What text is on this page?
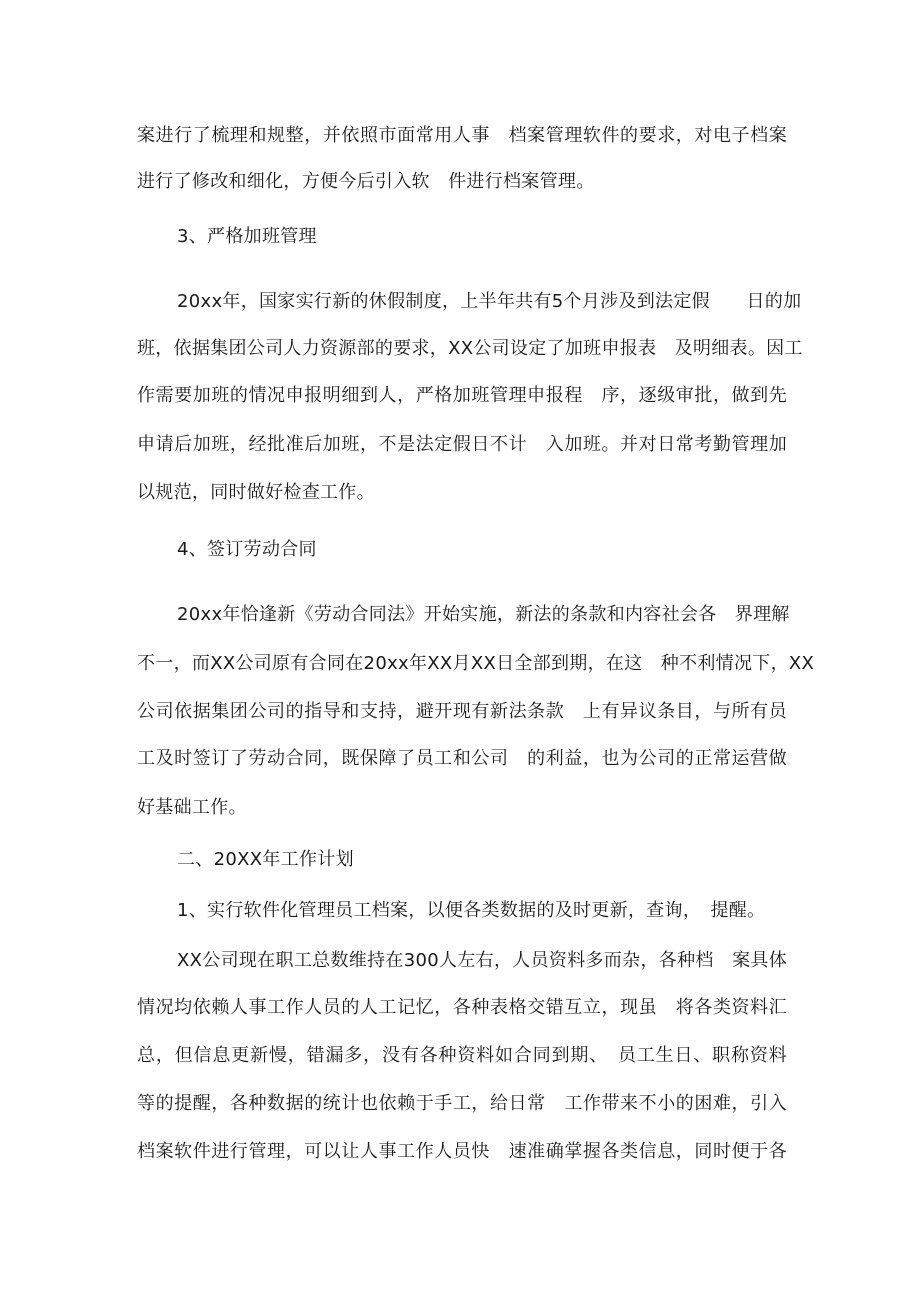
案进行了梳理和规整，并依照市面常用人事　档案管理软件的要求，对电子档案
进行了修改和细化，方便今后引入软　件进行档案管理。
3、严格加班管理
20xx年，国家实行新的休假制度，上半年共有5个月涉及到法定假　　日的加
班，依据集团公司人力资源部的要求，XX公司设定了加班申报表　及明细表。因工
作需要加班的情况申报明细到人，严格加班管理申报程　序，逐级审批，做到先
申请后加班，经批准后加班，不是法定假日不计　入加班。并对日常考勤管理加
以规范，同时做好检查工作。
4、签订劳动合同
20xx年恰逢新《劳动合同法》开始实施，新法的条款和内容社会各　界理解
不一，而XX公司原有合同在20xx年XX月XX日全部到期，在这　种不利情况下，XX
公司依据集团公司的指导和支持，避开现有新法条款　上有异议条目，与所有员
工及时签订了劳动合同，既保障了员工和公司　的利益，也为公司的正常运营做
好基础工作。
二、20XX年工作计划
1、实行软件化管理员工档案，以便各类数据的及时更新，查询，　提醒。
XX公司现在职工总数维持在300人左右，人员资料多而杂，各种档　案具体
情况均依赖人事工作人员的人工记忆，各种表格交错互立，现虽　将各类资料汇
总，但信息更新慢，错漏多，没有各种资料如合同到期、　员工生日、职称资料
等的提醒，各种数据的统计也依赖于手工，给日常　工作带来不小的困难，引入
档案软件进行管理，可以让人事工作人员快　速准确掌握各类信息，同时便于各
